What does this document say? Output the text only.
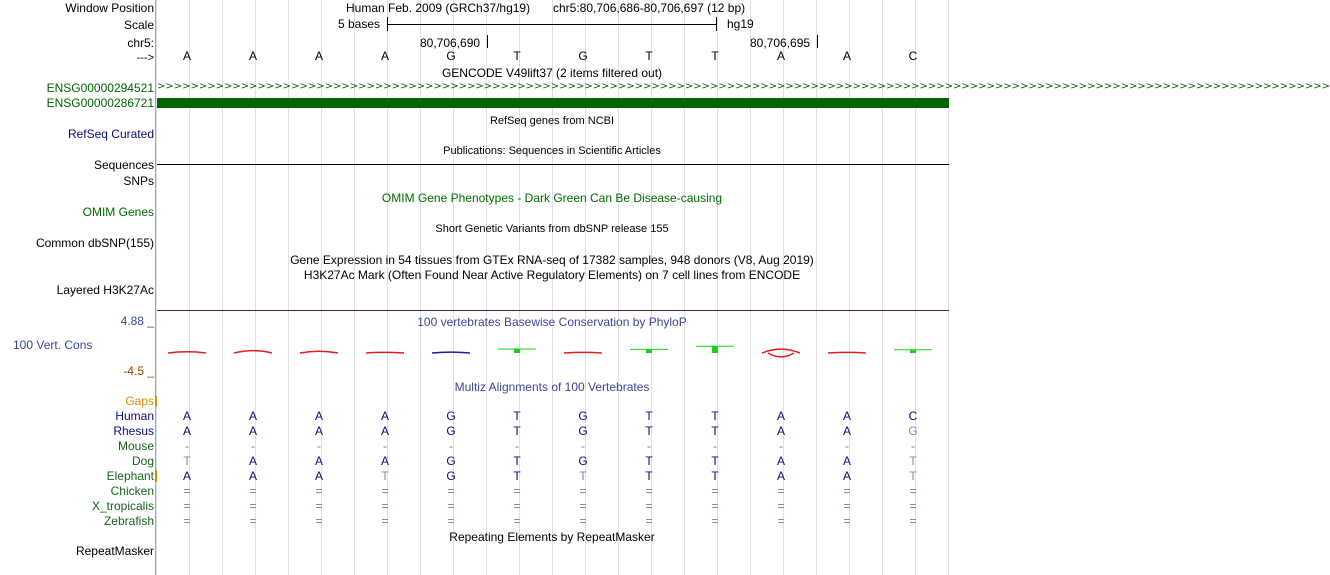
Window Position	Human Feb. 2009 (GRCh37/hg19) chr5:80,706,686-80,706,697 (12 bp)
Scale	5 bases	hg19
chr5:	80,706,690	80,706,695
---> A	A	A	A	G	T	G	T	T	A	A	C
GENCODE V49lift37 (2 items filtered out)
ENSG00000294521 >>>>>>>>>>>>>>>>>>>>>>>>>>>>>>>>>>>>>>>>>>>>>>>>>>>>>>>>>>>>>>>>>>>>>>>>>>>>>>>>>>>>>>>>>>>>>>>>>>>>>>>>>>>>>>>>>>>>>>>>>>>>>>>>>>>>>>>>>>>>
ENSG00000286721
RefSeq genes from NCBI
RefSeq Curated
Publications: Sequences in Scientific Articles
Sequences
SNPs
OMIM Gene Phenotypes - Dark Green Can Be Disease-causing
OMIM Genes
Short Genetic Variants from dbSNP release 155
Common dbSNP(155)
Gene Expression in 54 tissues from GTEx RNA-seq of 17382 samples, 948 donors (V8, Aug 2019)
H3K27Ac Mark (Often Found Near Active Regulatory Elements) on 7 cell lines from ENCODE
Layered H3K27Ac
4.88 _	100 vertebrates Basewise Conservation by PhyloP
100 Vert. Cons
-4.5 _
Multiz Alignments of 100 Vertebrates
Gaps
Human A	A	A	A	G	T	G	T	T	A	A	C
Rhesus A	A	A	A	G	T	G	T	T	A	A	G
Mouse	-	-	-	-	-	-	-	-	-	-	-	-
Dog T	A	A	A	G	T	G	T	T	A	A	T
Elephant A	A	A	T	G	T	T	T	T	A	A	T
Chicken =	=	=	=	=	=	=	=	=	=	=	=
X_tropicalis =	=	=	=	=	=	=	=	=	=	=	=
Zebrafish =	=	=	=	=	=	=	=	=	=	=	=
Repeating Elements by RepeatMasker
RepeatMasker
